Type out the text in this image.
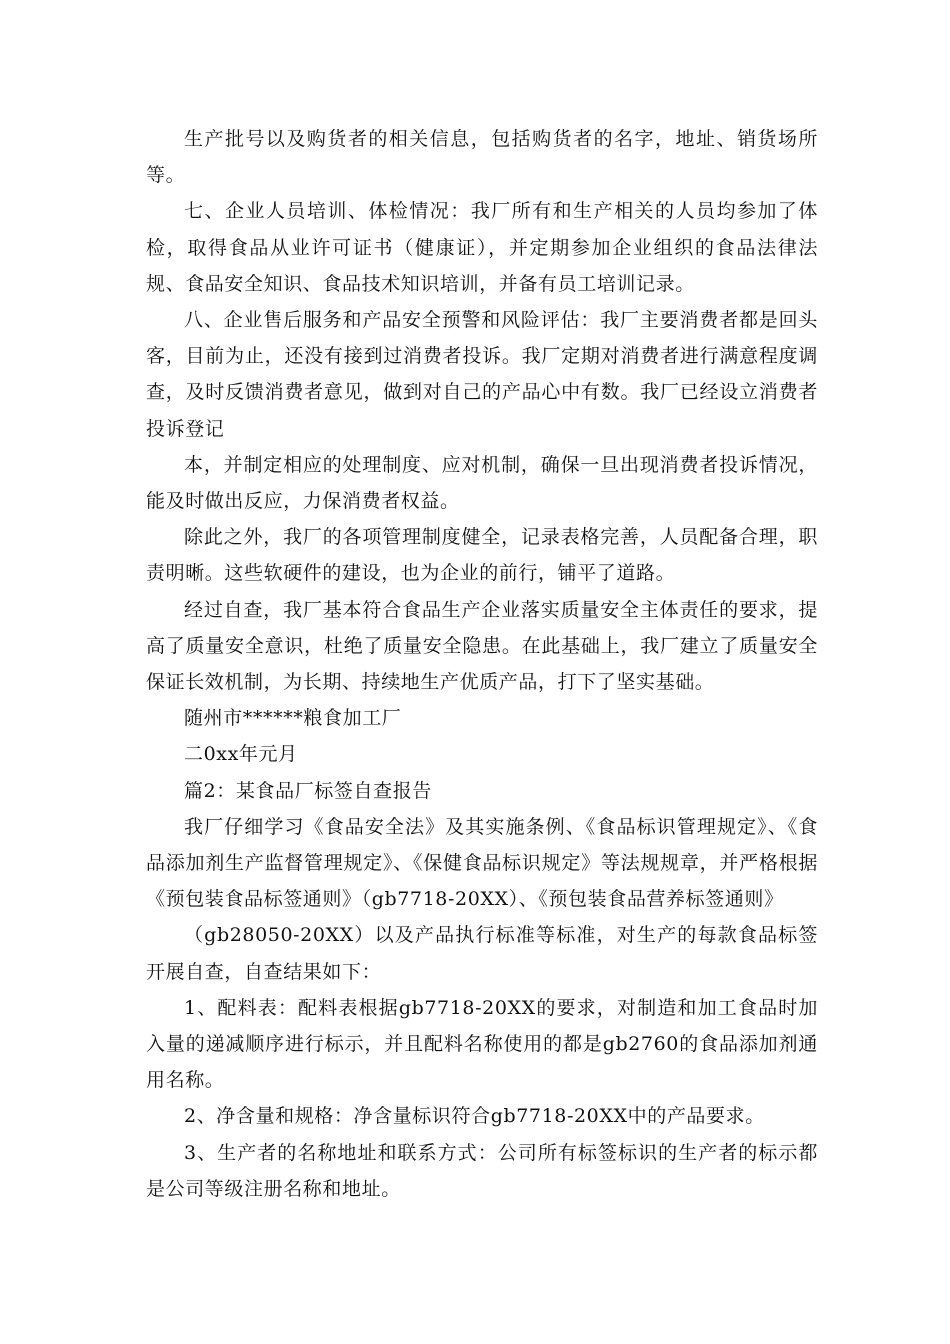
生产批号以及购货者的相关信息，包括购货者的名字，地址、销货场所等。

七、企业人员培训、体检情况：我厂所有和生产相关的人员均参加了体检，取得食品从业许可证书（健康证），并定期参加企业组织的食品法律法规、食品安全知识、食品技术知识培训，并备有员工培训记录。

八、企业售后服务和产品安全预警和风险评估：我厂主要消费者都是回头客，目前为止，还没有接到过消费者投诉。我厂定期对消费者进行满意程度调查，及时反馈消费者意见，做到对自己的产品心中有数。我厂已经设立消费者投诉登记

本，并制定相应的处理制度、应对机制，确保一旦出现消费者投诉情况，能及时做出反应，力保消费者权益。

除此之外，我厂的各项管理制度健全，记录表格完善，人员配备合理，职责明晰。这些软硬件的建设，也为企业的前行，铺平了道路。

经过自查，我厂基本符合食品生产企业落实质量安全主体责任的要求，提高了质量安全意识，杜绝了质量安全隐患。在此基础上，我厂建立了质量安全保证长效机制，为长期、持续地生产优质产品，打下了坚实基础。

随州市******粮食加工厂

二0xx年元月

篇2：某食品厂标签自查报告

我厂仔细学习《食品安全法》及其实施条例、《食品标识管理规定》、《食品添加剂生产监督管理规定》、《保健食品标识规定》等法规规章，并严格根据《预包装食品标签通则》（gb7718-20XX）、《预包装食品营养标签通则》

（gb28050-20XX）以及产品执行标准等标准，对生产的每款食品标签开展自查，自查结果如下：

1、配料表：配料表根据gb7718-20XX的要求，对制造和加工食品时加入量的递减顺序进行标示，并且配料名称使用的都是gb2760的食品添加剂通用名称。

2、净含量和规格：净含量标识符合gb7718-20XX中的产品要求。

3、生产者的名称地址和联系方式：公司所有标签标识的生产者的标示都是公司等级注册名称和地址。
